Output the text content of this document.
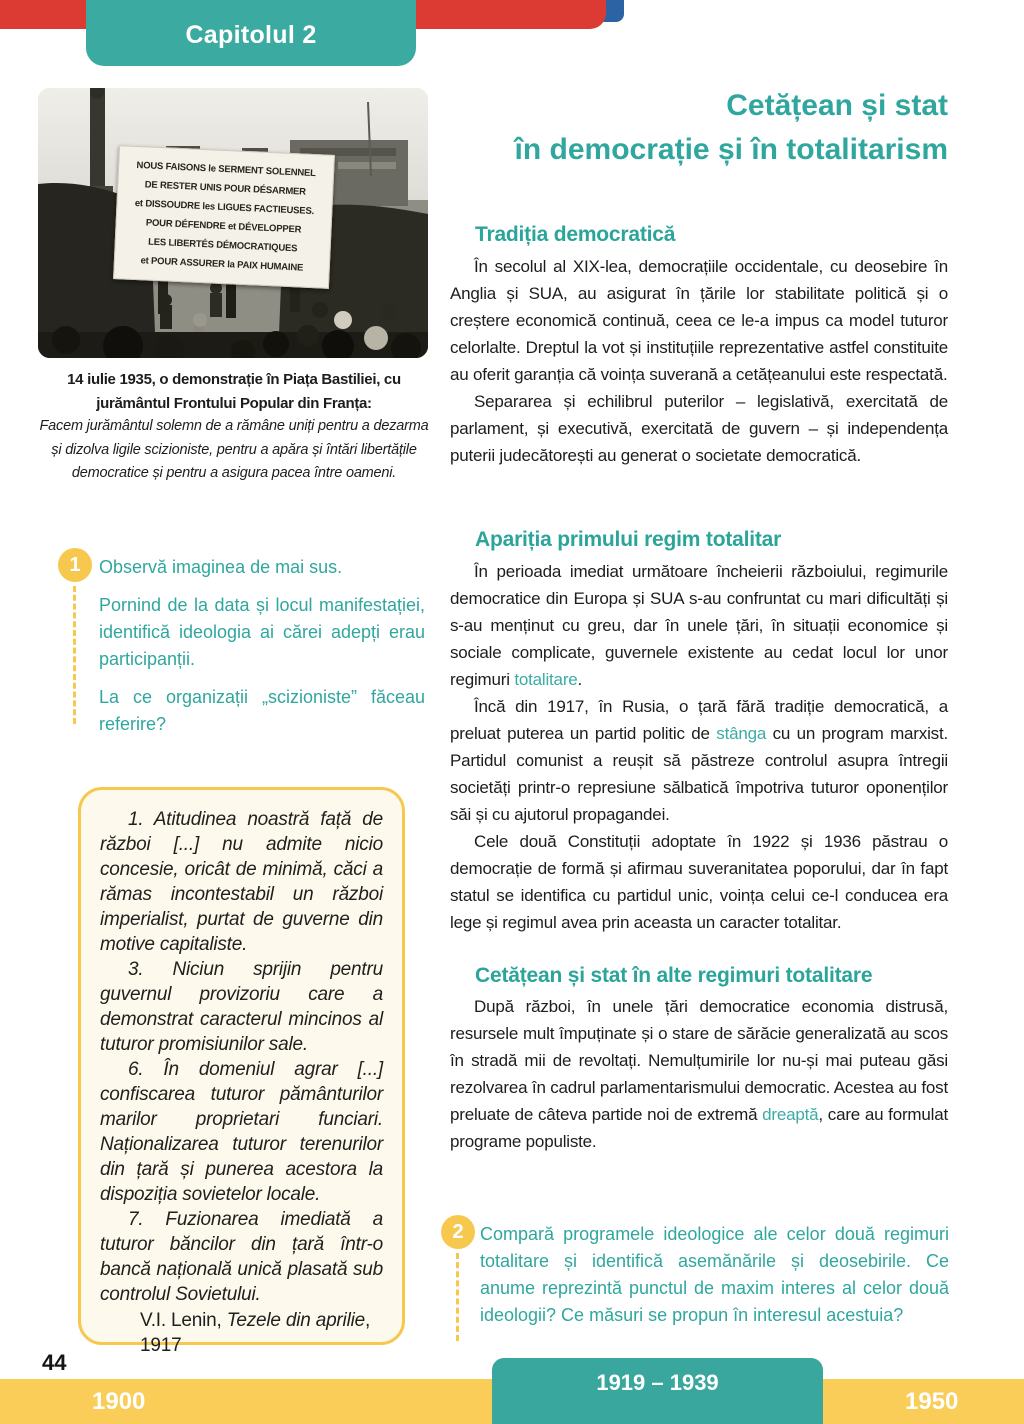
Capitolul 2
NOUS FAISONS le SERMENT SOLENNEL
DE RESTER UNIS POUR DÉSARMER
et DISSOUDRE les LIGUES FACTIEUSES.
POUR DÉFENDRE et DÉVELOPPER
LES LIBERTÉS DÉMOCRATIQUES
et POUR ASSURER la PAIX HUMAINE
14 iulie 1935, o demonstrație în Piața Bastiliei, cu jurământul Frontului Popular din Franța:
Facem jurământul solemn de a rămâne uniți pentru a dezarma și dizolva ligile scizioniste, pentru a apăra și întări libertățile democratice și pentru a asigura pacea între oameni.
1 Observă imaginea de mai sus.

Pornind de la data și locul manifestației, identifică ideologia ai cărei adepți erau participanții.

La ce organizații „scizioniste” făceau referire?

1. Atitudinea noastră față de război [...] nu admite nicio concesie, oricât de minimă, căci a rămas incontestabil un război imperialist, purtat de guverne din motive capitaliste.

3. Niciun sprijin pentru guvernul provizoriu care a demonstrat caracterul mincinos al tuturor promisiunilor sale.

6. În domeniul agrar [...] confiscarea tuturor pământurilor marilor proprietari funciari. Naționalizarea tuturor terenurilor din țară și punerea acestora la dispoziția sovietelor locale.

7. Fuzionarea imediată a tuturor băncilor din țară într-o bancă națională unică plasată sub controlul Sovietului.

V.I. Lenin, Tezele din aprilie, 1917

Cetățean și stat
în democrație și în totalitarism
Tradiția democratică

În secolul al XIX-lea, democrațiile occidentale, cu deosebire în Anglia și SUA, au asigurat în țările lor stabilitate politică și o creștere economică continuă, ceea ce le-a impus ca model tuturor celorlalte. Dreptul la vot și instituțiile reprezentative astfel constituite au oferit garanția că voința suverană a cetățeanului este respectată.

Separarea și echilibrul puterilor – legislativă, exercitată de parlament, și executivă, exercitată de guvern – și independența puterii judecătorești au generat o societate democratică.

Apariția primului regim totalitar

În perioada imediat următoare încheierii războiului, regimurile democratice din Europa și SUA s-au confruntat cu mari dificultăți și s-au menținut cu greu, dar în unele țări, în situații economice și sociale complicate, guvernele existente au cedat locul lor unor regimuri totalitare.

Încă din 1917, în Rusia, o țară fără tradiție democratică, a preluat puterea un partid politic de stânga cu un program marxist. Partidul comunist a reușit să păstreze controlul asupra întregii societăți printr-o represiune sălbatică împotriva tuturor oponenților săi și cu ajutorul propagandei.

Cele două Constituții adoptate în 1922 și 1936 păstrau o democrație de formă și afirmau suveranitatea poporului, dar în fapt statul se identifica cu partidul unic, voința celui ce-l conducea era lege și regimul avea prin aceasta un caracter totalitar.

Cetățean și stat în alte regimuri totalitare

După război, în unele țări democratice economia distrusă, resursele mult împuținate și o stare de sărăcie generalizată au scos în stradă mii de revoltați. Nemulțumirile lor nu-și mai puteau găsi rezolvarea în cadrul parlamentarismului democratic. Acestea au fost preluate de câteva partide noi de extremă dreaptă, care au formulat programe populiste.

2 Compară programele ideologice ale celor două regimuri totalitare și identifică asemănările și deosebirile. Ce anume reprezintă punctul de maxim interes al celor două ideologii? Ce măsuri se propun în interesul acestuia?

44
1900	1950
1919 – 1939
